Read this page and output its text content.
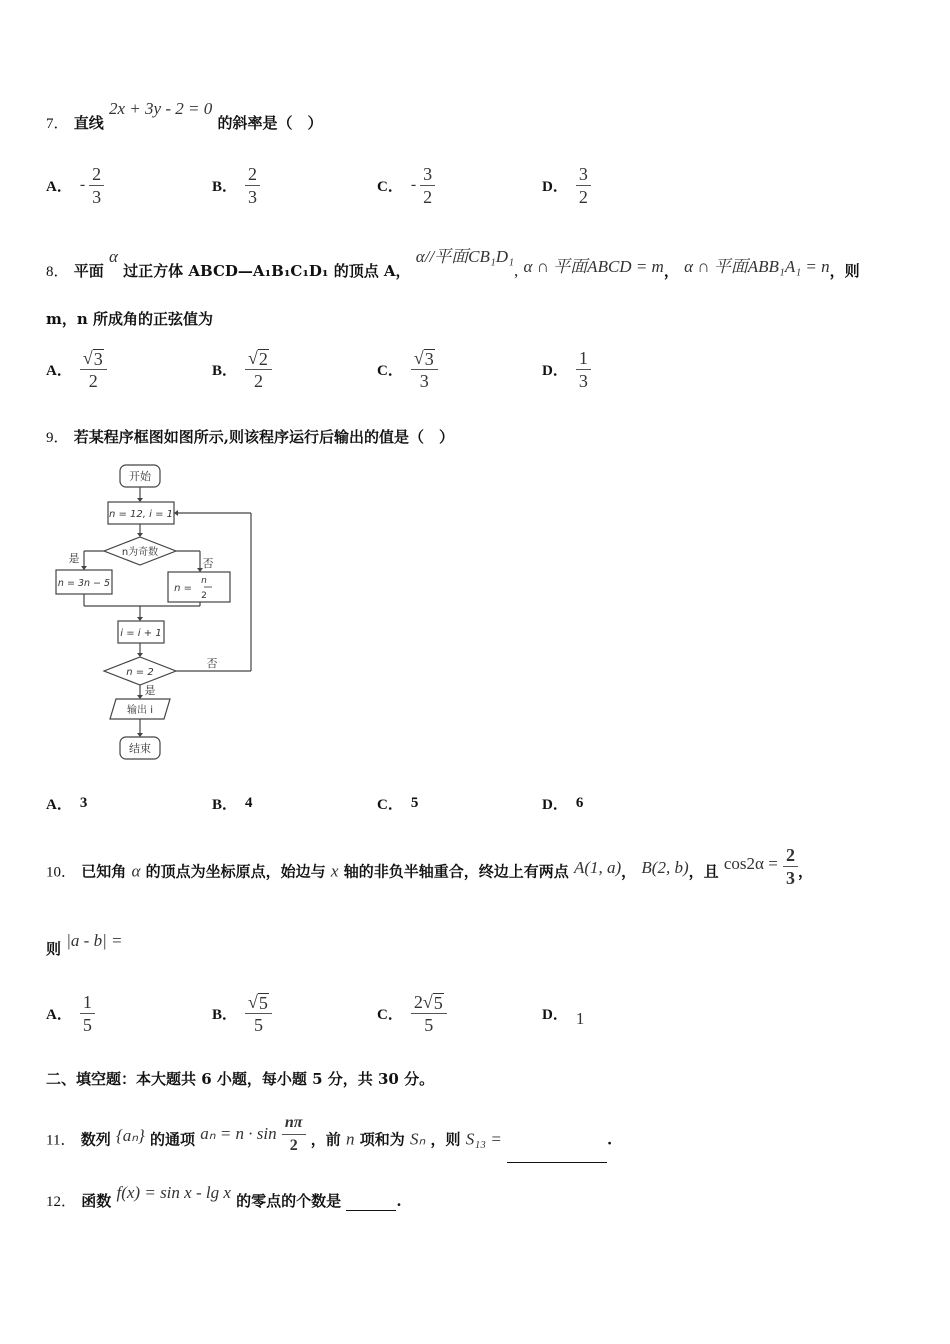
7． 直线 2x + 3y - 2 = 0 的斜率是（　）
A． - $\frac{2}{3}$	B． $\frac{2}{3}$	C． - $\frac{3}{2}$	D． $\frac{3}{2}$
8． 平面 α 过正方体 ABCD—A₁B₁C₁D₁ 的顶点 A， α//平面CB₁D₁, α ∩ 平面ABCD = m， α ∩ 平面ABB₁A₁ = n，则
m，n 所成角的正弦值为
A． $\frac{√ 3}{2}$	B． $\frac{√ 2}{2}$	C． $\frac{√ 3}{3}$	D． $\frac{1}{3}$
9． 若某程序框图如图所示,则该程序运行后输出的值是（　）
开始
n = 12, i = 1
n为奇数
是	否
n = 3n − 5	n =
n
2
i = i + 1
n = 2
否
是
输出 i
结束
A． 3	B． 4	C． 5	D． 6
10． 已知角 α 的顶点为坐标原点，始边与 x 轴的非负半轴重合，终边上有两点 A(1, a)， B(2, b)，且 $\cos 2\alpha = \frac{2}{3}$ ，
则 |a - b| =
A． $\frac{1}{5}$	B． $\frac{√ 5}{5}$	C． $\frac{2√ 5}{5}$	D． 1
二、填空题：本大题共 6 小题，每小题 5 分，共 30 分。
11． 数列 {aₙ} 的通项 $a_n = n \cdot \sin \frac{n\pi}{2}$ ，前 n 项和为 Sₙ ，则 S₁₃ =	.
12． 函数 f(x) = sin x - lg x 的零点的个数是	.
